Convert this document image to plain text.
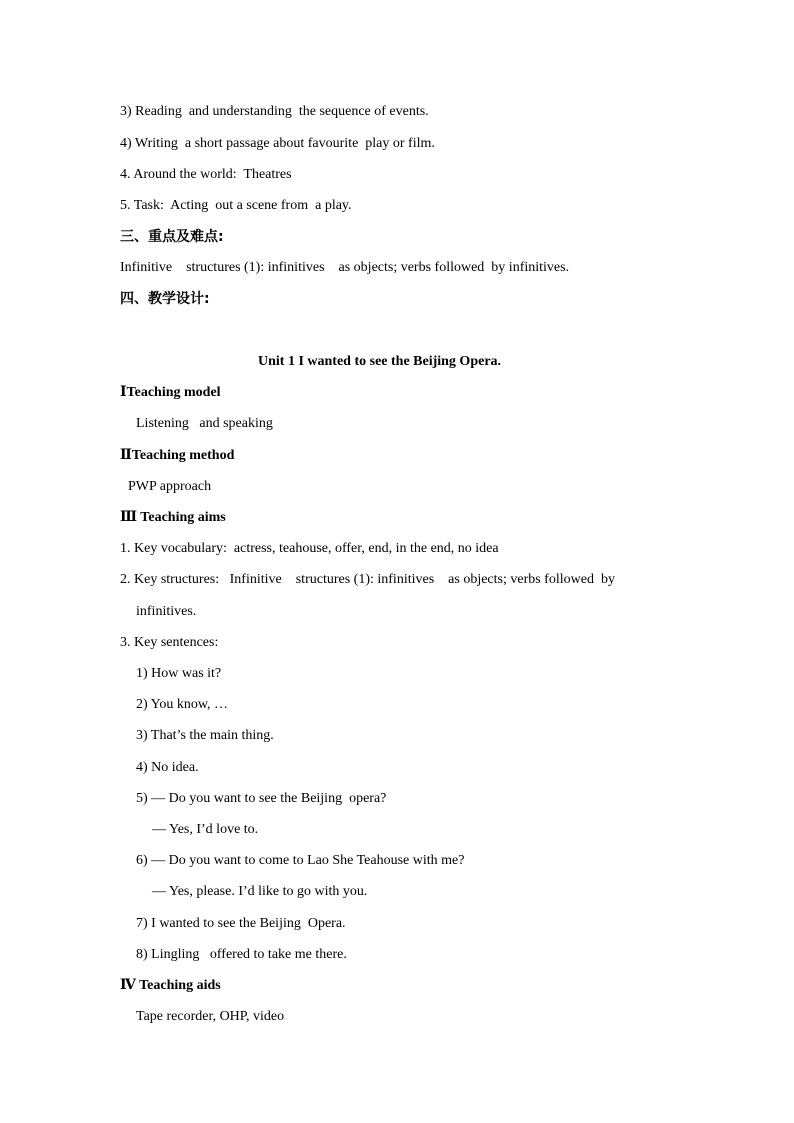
3) Reading  and understanding  the sequence of events.
4) Writing  a short passage about favourite  play or film.
4. Around the world:  Theatres
5. Task:  Acting  out a scene from  a play.
三、重点及难点:
Infinitive    structures (1): infinitives    as objects; verbs followed  by infinitives.
四、教学设计:
Unit 1 I wanted to see the Beijing Opera.
ⅠTeaching model
Listening   and speaking
ⅡTeaching method
PWP approach
Ⅲ Teaching aims
1. Key vocabulary:  actress, teahouse, offer, end, in the end, no idea
2. Key structures:   Infinitive    structures (1): infinitives    as objects; verbs followed  by
infinitives.
3. Key sentences:
1) How was it?
2) You know, …
3) That’s the main thing.
4) No idea.
5) — Do you want to see the Beijing  opera?
— Yes, I’d love to.
6) — Do you want to come to Lao She Teahouse with me?
— Yes, please. I’d like to go with you.
7) I wanted to see the Beijing  Opera.
8) Lingling   offered to take me there.
Ⅳ Teaching aids
Tape recorder, OHP, video
